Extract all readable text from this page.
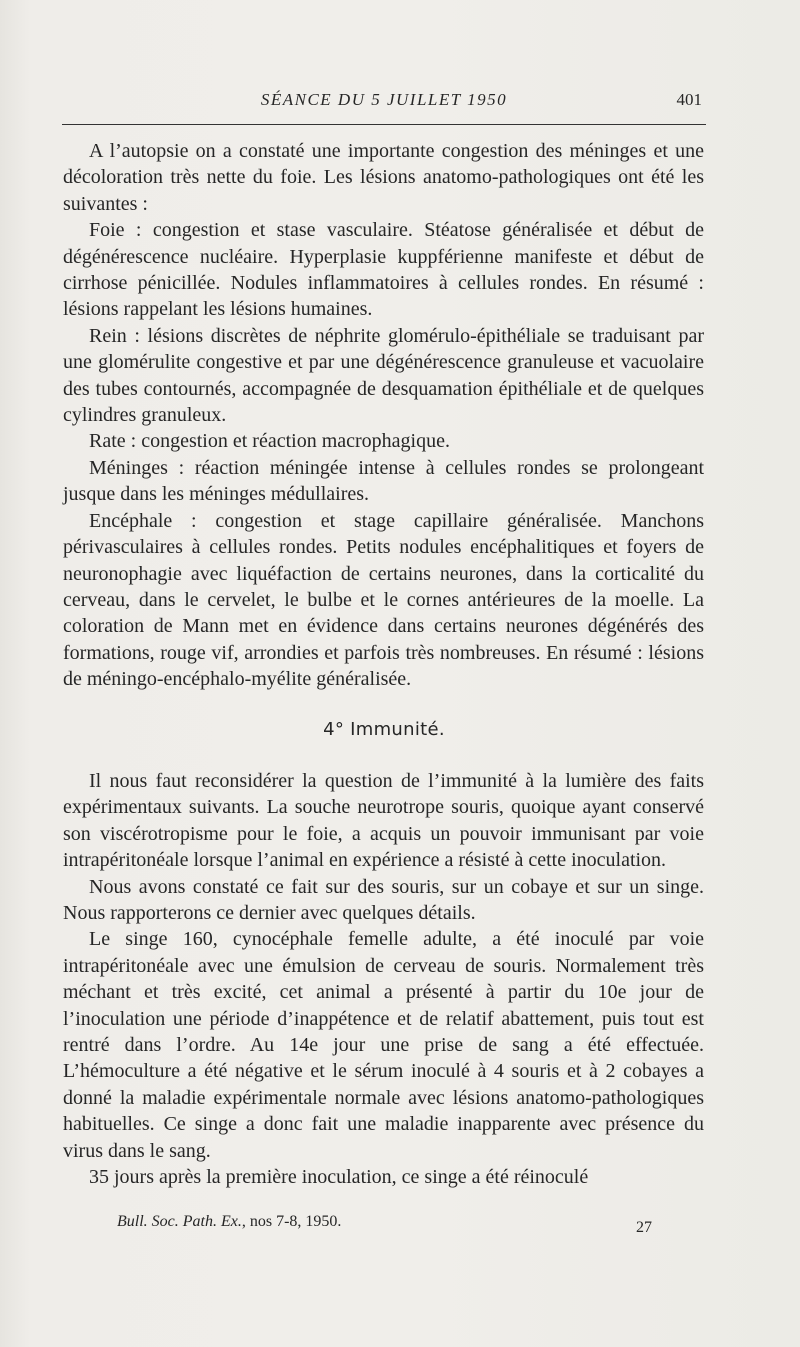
SÉANCE DU 5 JUILLET 1950	401

A l’autopsie on a constaté une importante congestion des méninges et une décoloration très nette du foie. Les lésions anatomo-pathologiques ont été les suivantes :

Foie : congestion et stase vasculaire. Stéatose généralisée et début de dégénérescence nucléaire. Hyperplasie kuppférienne manifeste et début de cirrhose pénicillée. Nodules inflammatoires à cellules rondes. En résumé : lésions rappelant les lésions humaines.

Rein : lésions discrètes de néphrite glomérulo-épithéliale se traduisant par une glomérulite congestive et par une dégénérescence granuleuse et vacuolaire des tubes contournés, accompagnée de desquamation épithéliale et de quelques cylindres granuleux.

Rate : congestion et réaction macrophagique.

Méninges : réaction méningée intense à cellules rondes se prolongeant jusque dans les méninges médullaires.

Encéphale : congestion et stage capillaire généralisée. Manchons périvasculaires à cellules rondes. Petits nodules encéphalitiques et foyers de neuronophagie avec liquéfaction de certains neurones, dans la corticalité du cerveau, dans le cervelet, le bulbe et le cornes antérieures de la moelle. La coloration de Mann met en évidence dans certains neurones dégénérés des formations, rouge vif, arrondies et parfois très nombreuses. En résumé : lésions de méningo-encéphalo-myélite généralisée.

4° Immunité.

Il nous faut reconsidérer la question de l’immunité à la lumière des faits expérimentaux suivants. La souche neurotrope souris, quoique ayant conservé son viscérotropisme pour le foie, a acquis un pouvoir immunisant par voie intrapéritonéale lorsque l’animal en expérience a résisté à cette inoculation.

Nous avons constaté ce fait sur des souris, sur un cobaye et sur un singe. Nous rapporterons ce dernier avec quelques détails.

Le singe 160, cynocéphale femelle adulte, a été inoculé par voie intrapéritonéale avec une émulsion de cerveau de souris. Normalement très méchant et très excité, cet animal a présenté à partir du 10e jour de l’inoculation une période d’inappétence et de relatif abattement, puis tout est rentré dans l’ordre. Au 14e jour une prise de sang a été effectuée. L’hémoculture a été négative et le sérum inoculé à 4 souris et à 2 cobayes a donné la maladie expérimentale normale avec lésions anatomo-pathologiques habituelles. Ce singe a donc fait une maladie inapparente avec présence du virus dans le sang.

35 jours après la première inoculation, ce singe a été réinoculé

Bull. Soc. Path. Ex., nos 7-8, 1950.	27
